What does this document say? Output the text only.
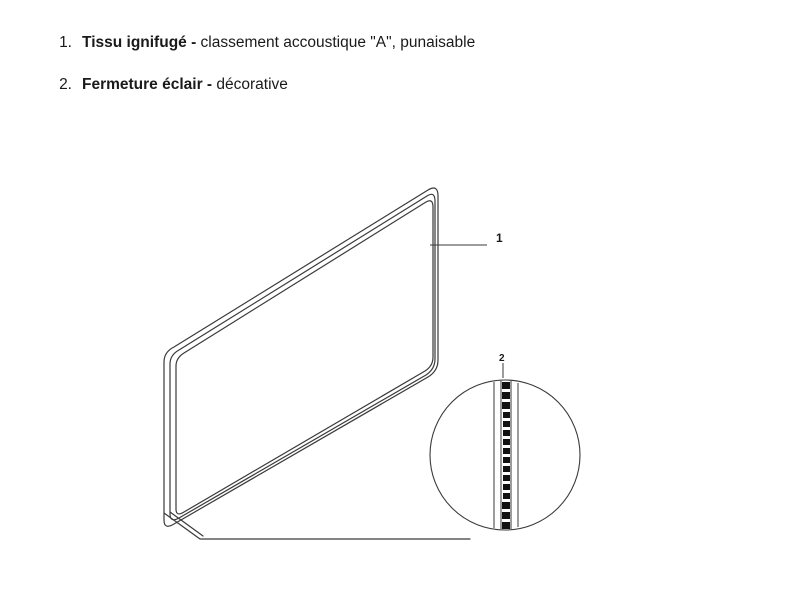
1. Tissu ignifugé - classement accoustique "A", punaisable
2. Fermeture éclair - décorative
1
2
